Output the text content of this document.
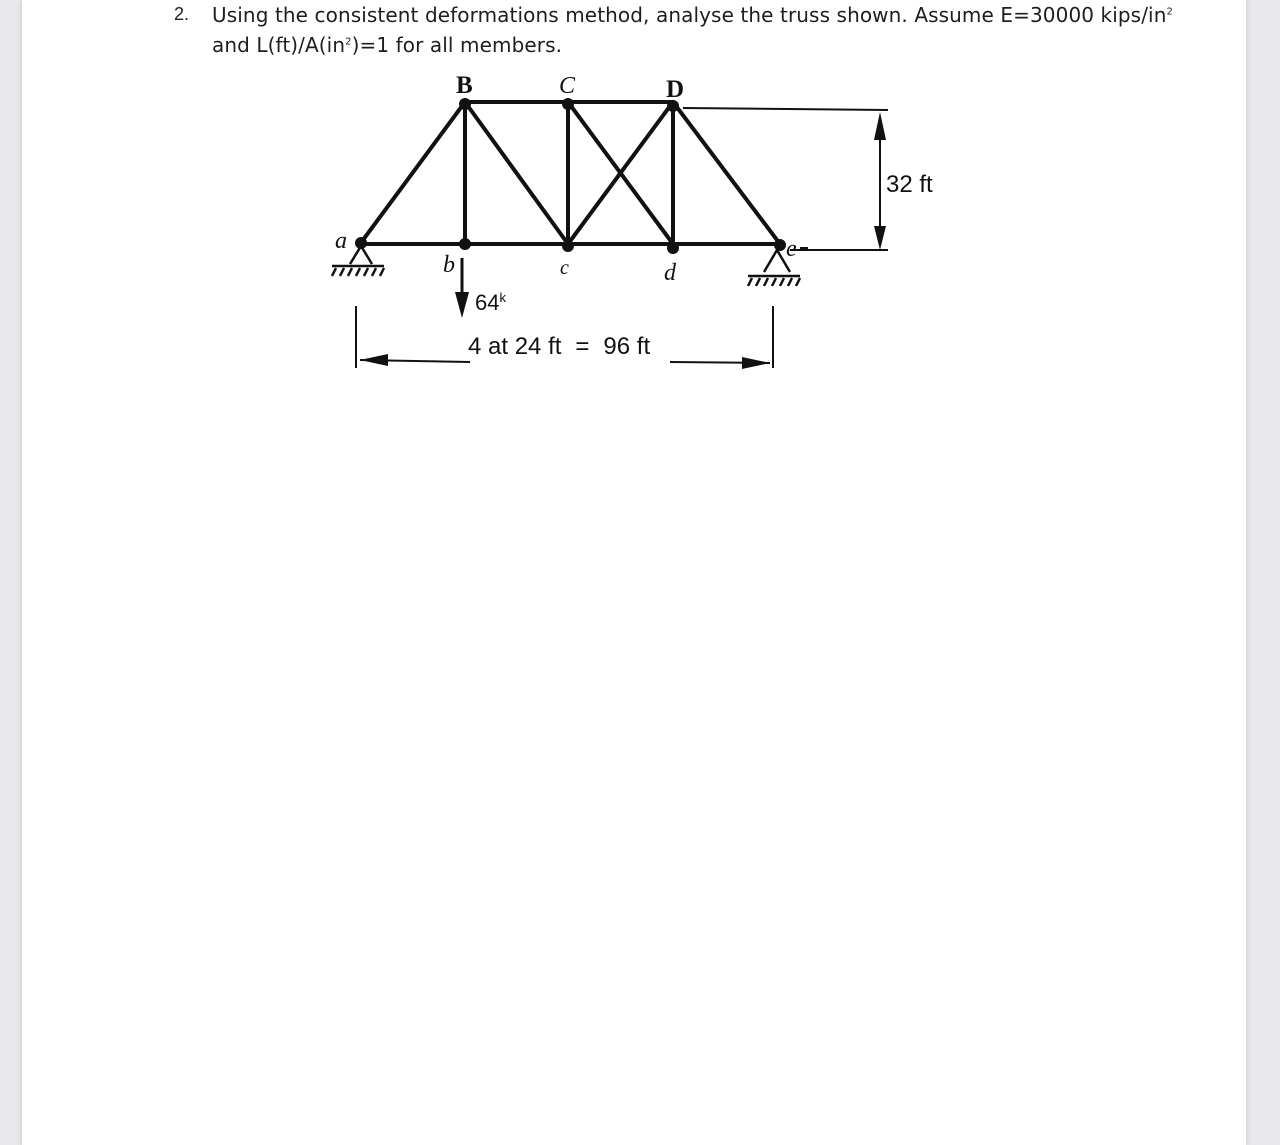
2. Using the consistent deformations method, analyse the truss shown. Assume E=30000 kips/$in^2$
and $L(ft)/A(in^2)=1$ for all members.
B	C	D
a
b	c	d
e
64$^k$
32 ft
4 at 24 ft = 96 ft
